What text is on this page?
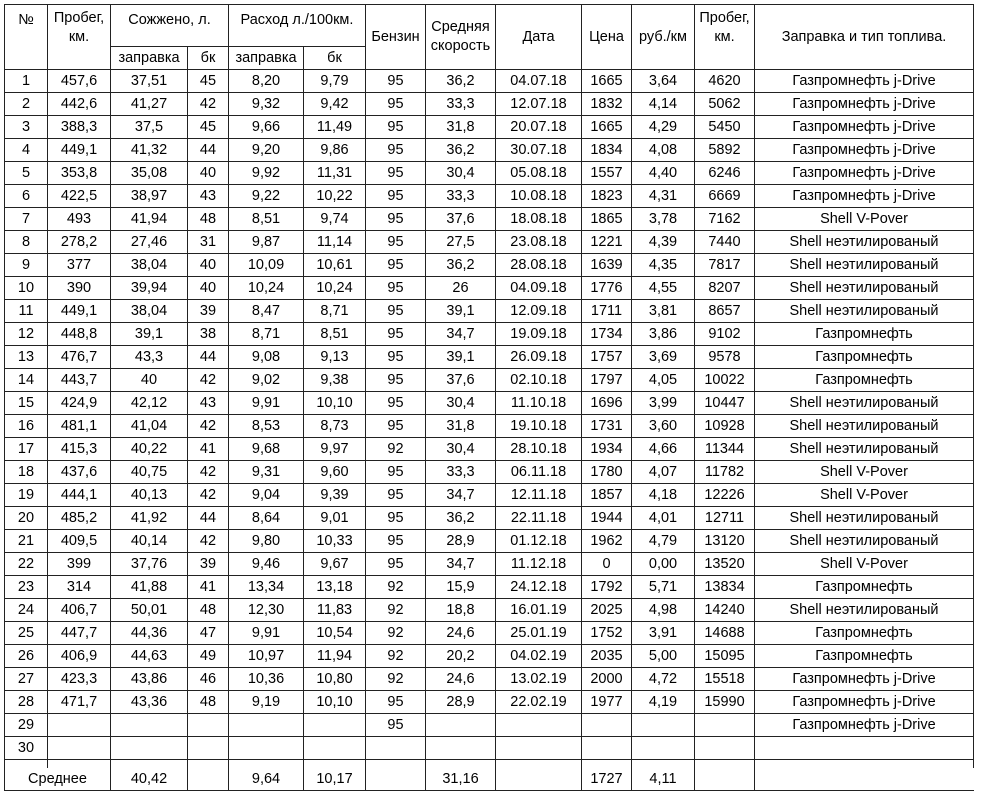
№	Пробег, км.	Сожжено, л.		Расход л./100км.		Бензин	Средняя скорость	Дата	Цена	руб./км	Пробег, км.	Заправка и тип топлива.
		заправка	бк	заправка	бк							
1	457,6	37,51	45	8,20	9,79	95	36,2	04.07.18	1665	3,64	4620	Газпромнефть j-Drive
2	442,6	41,27	42	9,32	9,42	95	33,3	12.07.18	1832	4,14	5062	Газпромнефть j-Drive
3	388,3	37,5	45	9,66	11,49	95	31,8	20.07.18	1665	4,29	5450	Газпромнефть j-Drive
4	449,1	41,32	44	9,20	9,86	95	36,2	30.07.18	1834	4,08	5892	Газпромнефть j-Drive
5	353,8	35,08	40	9,92	11,31	95	30,4	05.08.18	1557	4,40	6246	Газпромнефть j-Drive
6	422,5	38,97	43	9,22	10,22	95	33,3	10.08.18	1823	4,31	6669	Газпромнефть j-Drive
7	493	41,94	48	8,51	9,74	95	37,6	18.08.18	1865	3,78	7162	Shell V-Pover
8	278,2	27,46	31	9,87	11,14	95	27,5	23.08.18	1221	4,39	7440	Shell неэтилированый
9	377	38,04	40	10,09	10,61	95	36,2	28.08.18	1639	4,35	7817	Shell неэтилированый
10	390	39,94	40	10,24	10,24	95	26	04.09.18	1776	4,55	8207	Shell неэтилированый
11	449,1	38,04	39	8,47	8,71	95	39,1	12.09.18	1711	3,81	8657	Shell неэтилированый
12	448,8	39,1	38	8,71	8,51	95	34,7	19.09.18	1734	3,86	9102	Газпромнефть
13	476,7	43,3	44	9,08	9,13	95	39,1	26.09.18	1757	3,69	9578	Газпромнефть
14	443,7	40	42	9,02	9,38	95	37,6	02.10.18	1797	4,05	10022	Газпромнефть
15	424,9	42,12	43	9,91	10,10	95	30,4	11.10.18	1696	3,99	10447	Shell неэтилированый
16	481,1	41,04	42	8,53	8,73	95	31,8	19.10.18	1731	3,60	10928	Shell неэтилированый
17	415,3	40,22	41	9,68	9,97	92	30,4	28.10.18	1934	4,66	11344	Shell неэтилированый
18	437,6	40,75	42	9,31	9,60	95	33,3	06.11.18	1780	4,07	11782	Shell V-Pover
19	444,1	40,13	42	9,04	9,39	95	34,7	12.11.18	1857	4,18	12226	Shell V-Pover
20	485,2	41,92	44	8,64	9,01	95	36,2	22.11.18	1944	4,01	12711	Shell неэтилированый
21	409,5	40,14	42	9,80	10,33	95	28,9	01.12.18	1962	4,79	13120	Shell неэтилированый
22	399	37,76	39	9,46	9,67	95	34,7	11.12.18	0	0,00	13520	Shell V-Pover
23	314	41,88	41	13,34	13,18	92	15,9	24.12.18	1792	5,71	13834	Газпромнефть
24	406,7	50,01	48	12,30	11,83	92	18,8	16.01.19	2025	4,98	14240	Shell неэтилированый
25	447,7	44,36	47	9,91	10,54	92	24,6	25.01.19	1752	3,91	14688	Газпромнефть
26	406,9	44,63	49	10,97	11,94	92	20,2	04.02.19	2035	5,00	15095	Газпромнефть
27	423,3	43,86	46	10,36	10,80	92	24,6	13.02.19	2000	4,72	15518	Газпромнефть j-Drive
28	471,7	43,36	48	9,19	10,10	95	28,9	22.02.19	1977	4,19	15990	Газпромнефть j-Drive
29						95						Газпромнефть j-Drive
30												

Среднее		40,42		9,64	10,17		31,16		1727	4,11		
